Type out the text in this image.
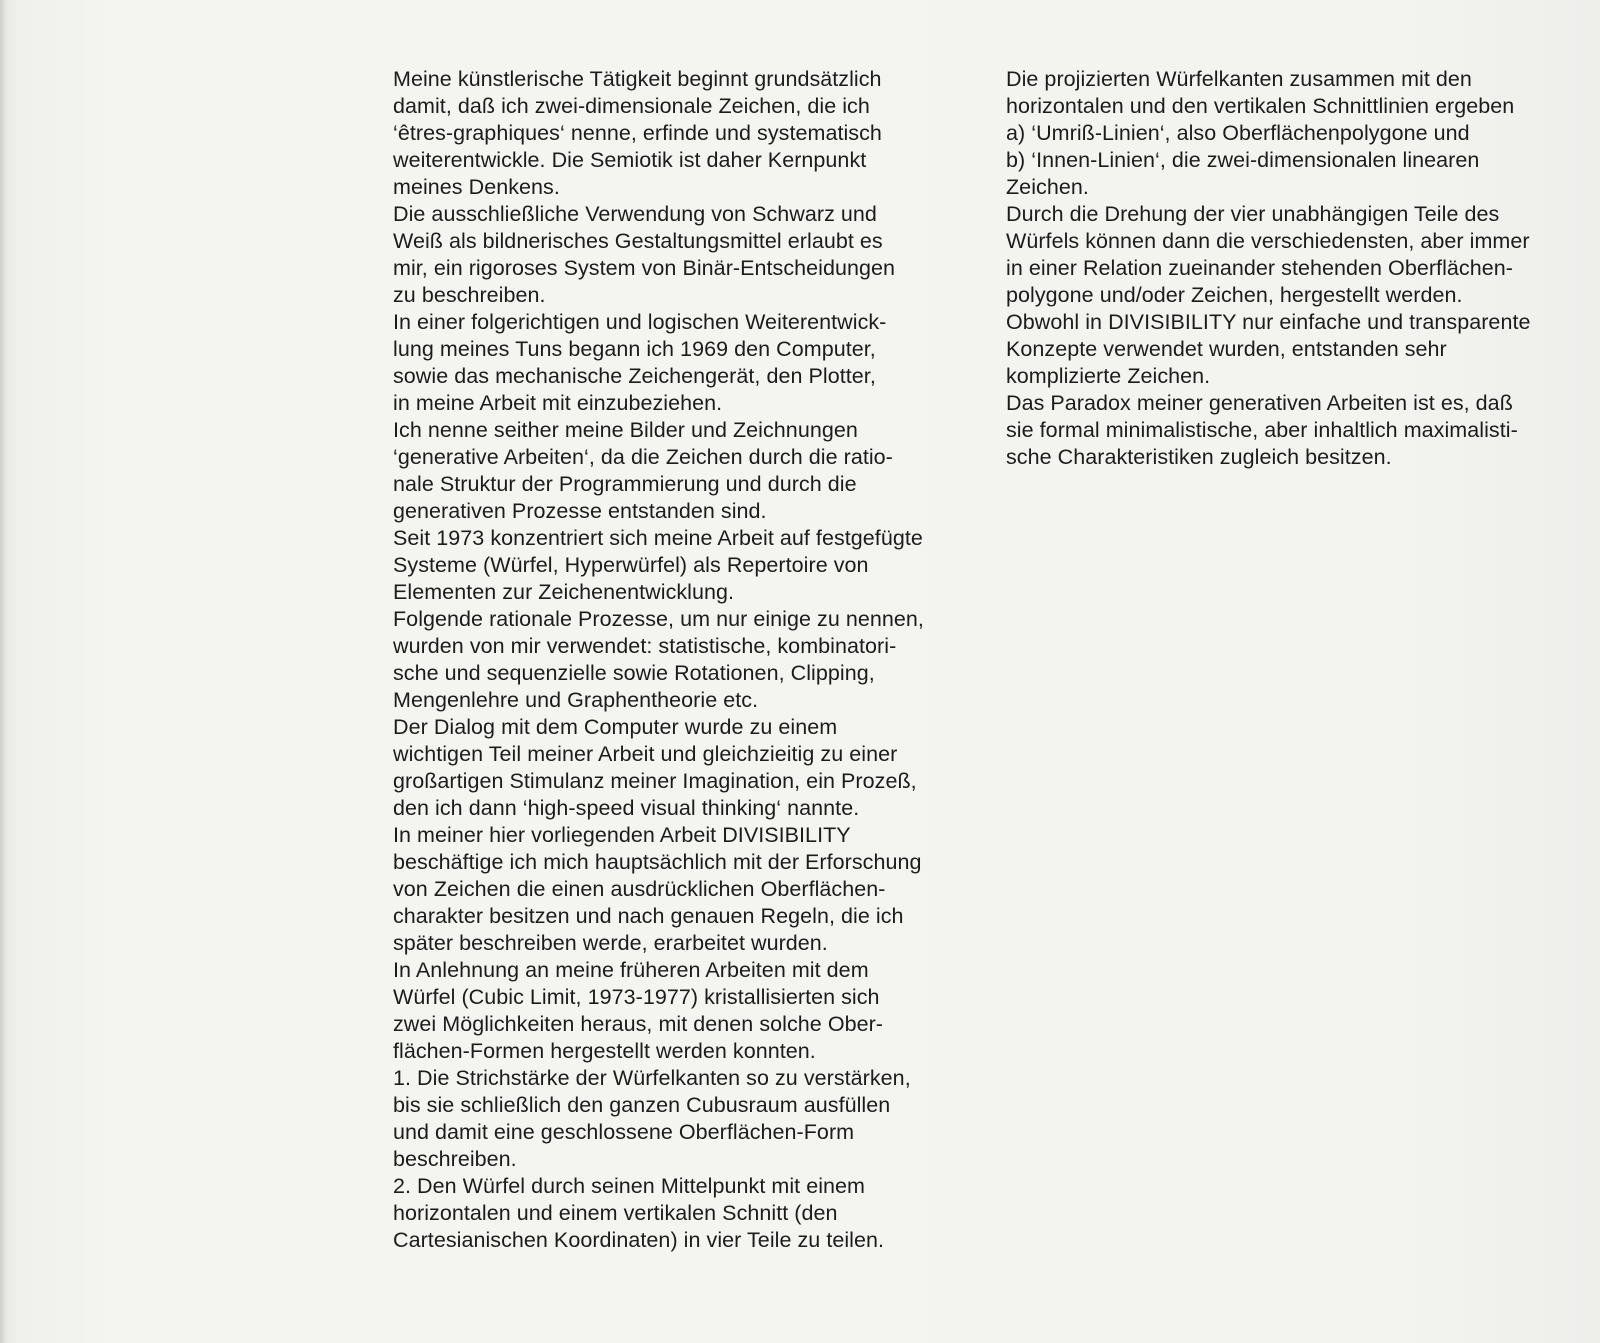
Meine künstlerische Tätigkeit beginnt grundsätzlich
damit, daß ich zwei-dimensionale Zeichen, die ich
‘êtres-graphiques‘ nenne, erfinde und systematisch
weiterentwickle. Die Semiotik ist daher Kernpunkt
meines Denkens.
Die ausschließliche Verwendung von Schwarz und
Weiß als bildnerisches Gestaltungsmittel erlaubt es
mir, ein rigoroses System von Binär-Entscheidungen
zu beschreiben.
In einer folgerichtigen und logischen Weiterentwick-
lung meines Tuns begann ich 1969 den Computer,
sowie das mechanische Zeichengerät, den Plotter,
in meine Arbeit mit einzubeziehen.
Ich nenne seither meine Bilder und Zeichnungen
‘generative Arbeiten‘, da die Zeichen durch die ratio-
nale Struktur der Programmierung und durch die
generativen Prozesse entstanden sind.
Seit 1973 konzentriert sich meine Arbeit auf festgefügte
Systeme (Würfel, Hyperwürfel) als Repertoire von
Elementen zur Zeichenentwicklung.
Folgende rationale Prozesse, um nur einige zu nennen,
wurden von mir verwendet: statistische, kombinatori-
sche und sequenzielle sowie Rotationen, Clipping,
Mengenlehre und Graphentheorie etc.
Der Dialog mit dem Computer wurde zu einem
wichtigen Teil meiner Arbeit und gleichzieitig zu einer
großartigen Stimulanz meiner Imagination, ein Prozeß,
den ich dann ‘high-speed visual thinking‘ nannte.
In meiner hier vorliegenden Arbeit DIVISIBILITY
beschäftige ich mich hauptsächlich mit der Erforschung
von Zeichen die einen ausdrücklichen Oberflächen-
charakter besitzen und nach genauen Regeln, die ich
später beschreiben werde, erarbeitet wurden.
In Anlehnung an meine früheren Arbeiten mit dem
Würfel (Cubic Limit, 1973-1977) kristallisierten sich
zwei Möglichkeiten heraus, mit denen solche Ober-
flächen-Formen hergestellt werden konnten.
1. Die Strichstärke der Würfelkanten so zu verstärken,
bis sie schließlich den ganzen Cubusraum ausfüllen
und damit eine geschlossene Oberflächen-Form
beschreiben.
2. Den Würfel durch seinen Mittelpunkt mit einem
horizontalen und einem vertikalen Schnitt (den
Cartesianischen Koordinaten) in vier Teile zu teilen.
Die projizierten Würfelkanten zusammen mit den
horizontalen und den vertikalen Schnittlinien ergeben
a) ‘Umriß-Linien‘, also Oberflächenpolygone und
b) ‘Innen-Linien‘, die zwei-dimensionalen linearen
Zeichen.
Durch die Drehung der vier unabhängigen Teile des
Würfels können dann die verschiedensten, aber immer
in einer Relation zueinander stehenden Oberflächen-
polygone und/oder Zeichen, hergestellt werden.
Obwohl in DIVISIBILITY nur einfache und transparente
Konzepte verwendet wurden, entstanden sehr
komplizierte Zeichen.
Das Paradox meiner generativen Arbeiten ist es, daß
sie formal minimalistische, aber inhaltlich maximalisti-
sche Charakteristiken zugleich besitzen.
